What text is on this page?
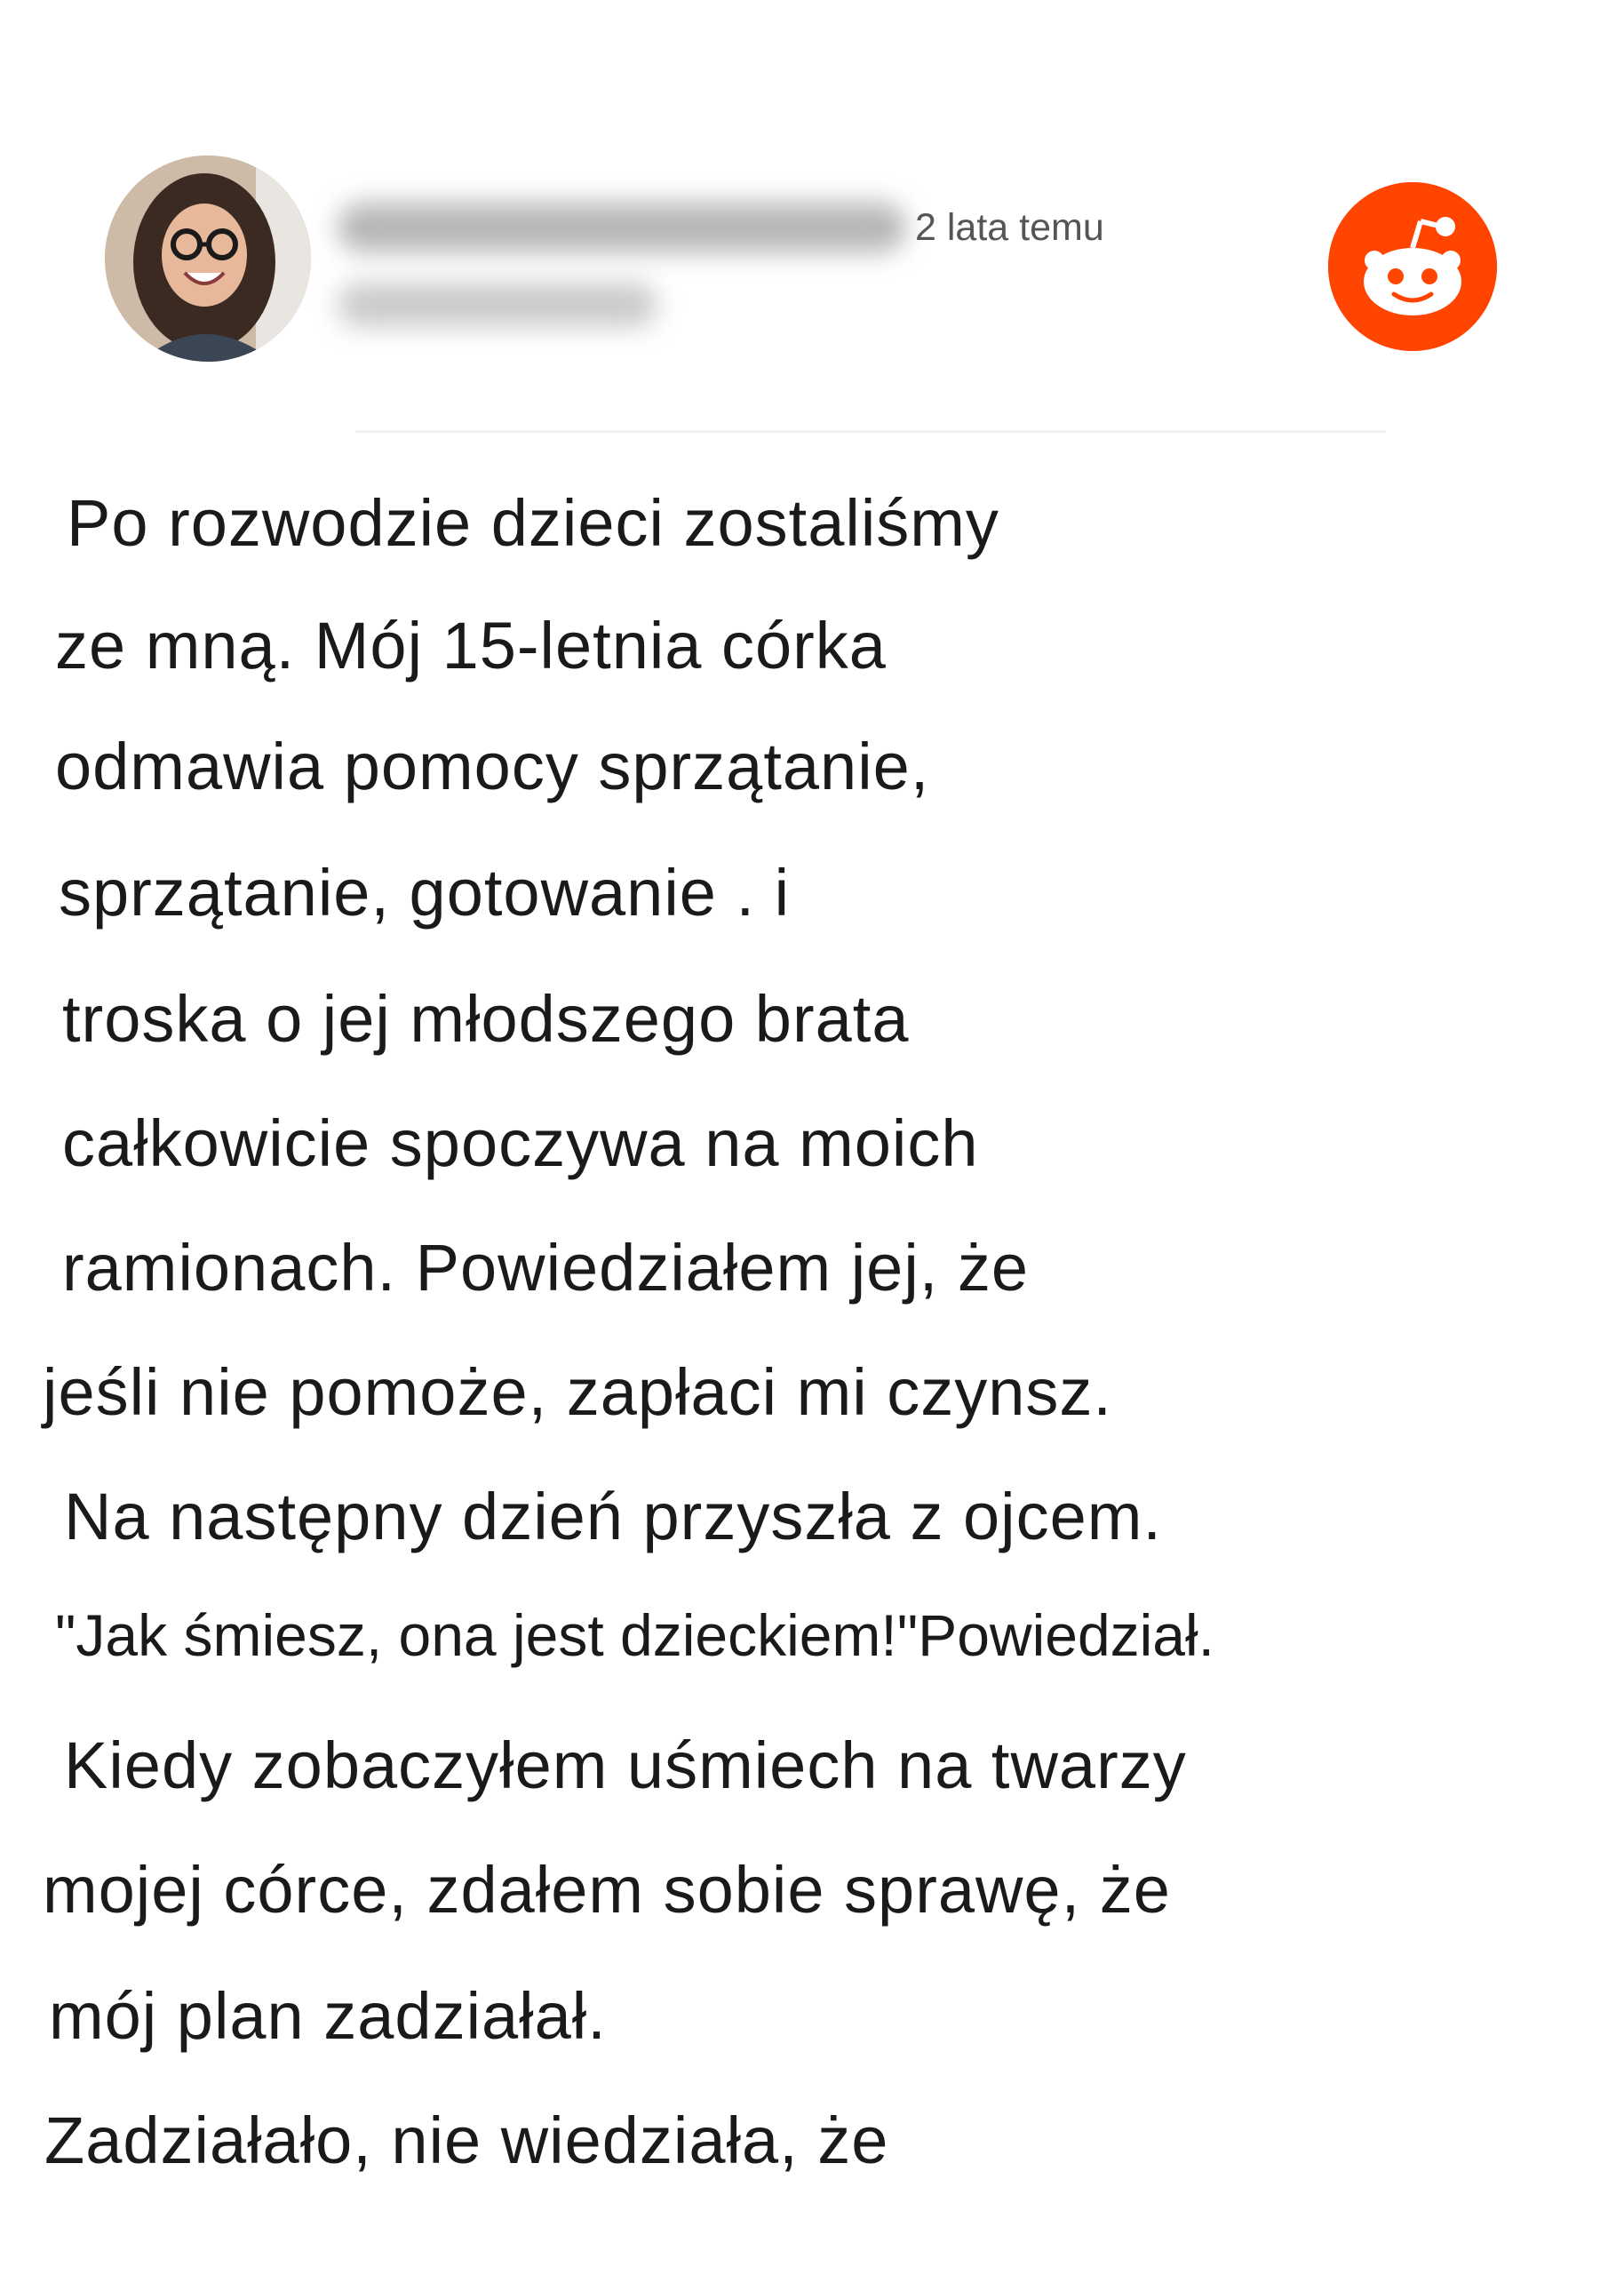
2 lata temu
Po rozwodzie dzieci zostaliśmy
ze mną. Mój 15-letnia córka
odmawia pomocy sprzątanie,
sprzątanie, gotowanie . i
troska o jej młodszego brata
całkowicie spoczywa na moich
ramionach. Powiedziałem jej, że
jeśli nie pomoże, zapłaci mi czynsz.
Na następny dzień przyszła z ojcem.
"Jak śmiesz, ona jest dzieckiem!"Powiedział.
Kiedy zobaczyłem uśmiech na twarzy
mojej córce, zdałem sobie sprawę, że
mój plan zadziałał.
Zadziałało, nie wiedziała, że
